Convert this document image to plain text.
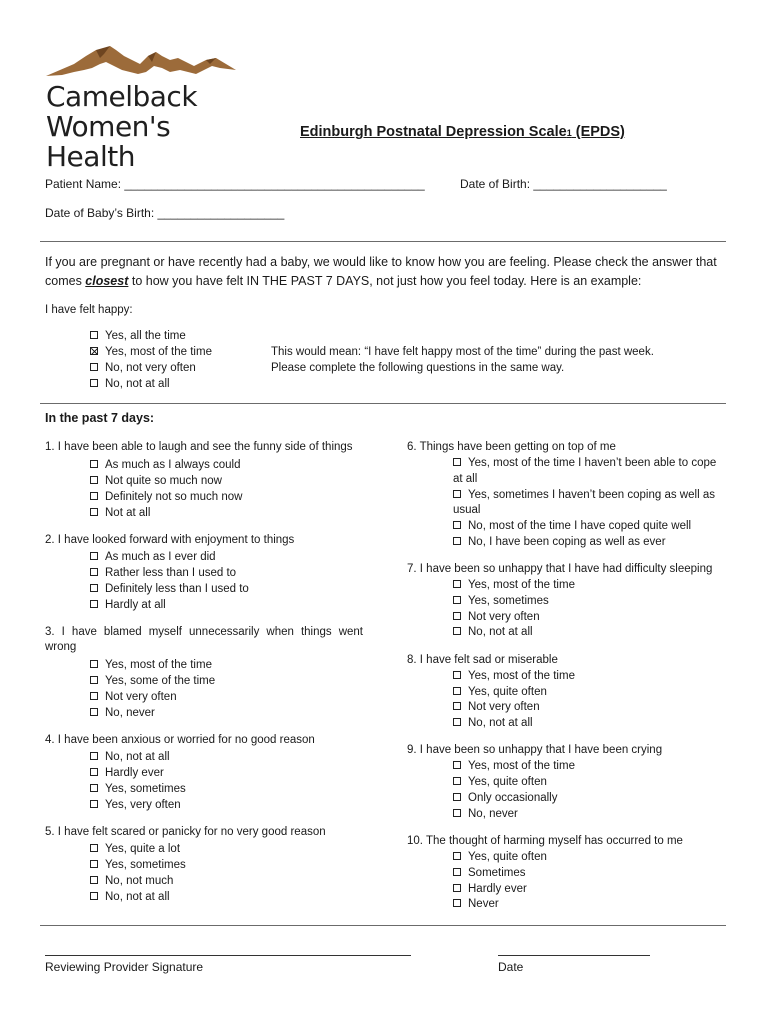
Camelback
Women's Health
Edinburgh Postnatal Depression Scale1 (EPDS)
Patient Name: _____________________________________________	Date of Birth: ____________________
Date of Baby’s Birth: ___________________
If you are pregnant or have recently had a baby, we would like to know how you are feeling. Please check the answer that comes closest to how you have felt IN THE PAST 7 DAYS, not just how you feel today. Here is an example:
I have felt happy:
Yes, all the time
Yes, most of the time
No, not very often
No, not at all
This would mean: “I have felt happy most of the time” during the past week.
Please complete the following questions in the same way.
In the past 7 days:
1. I have been able to laugh and see the funny side of things
As much as I always could
Not quite so much now
Definitely not so much now
Not at all
2. I have looked forward with enjoyment to things
As much as I ever did
Rather less than I used to
Definitely less than I used to
Hardly at all
3. I have blamed myself unnecessarily when things went wrong
Yes, most of the time
Yes, some of the time
Not very often
No, never
4. I have been anxious or worried for no good reason
No, not at all
Hardly ever
Yes, sometimes
Yes, very often
5. I have felt scared or panicky for no very good reason
Yes, quite a lot
Yes, sometimes
No, not much
No, not at all
6. Things have been getting on top of me
Yes, most of the time I haven’t been able to cope
at all
Yes, sometimes I haven’t been coping as well as
usual
No, most of the time I have coped quite well
No, I have been coping as well as ever
7. I have been so unhappy that I have had difficulty sleeping
Yes, most of the time
Yes, sometimes
Not very often
No, not at all
8. I have felt sad or miserable
Yes, most of the time
Yes, quite often
Not very often
No, not at all
9. I have been so unhappy that I have been crying
Yes, most of the time
Yes, quite often
Only occasionally
No, never
10. The thought of harming myself has occurred to me
Yes, quite often
Sometimes
Hardly ever
Never
Reviewing Provider Signature	Date
